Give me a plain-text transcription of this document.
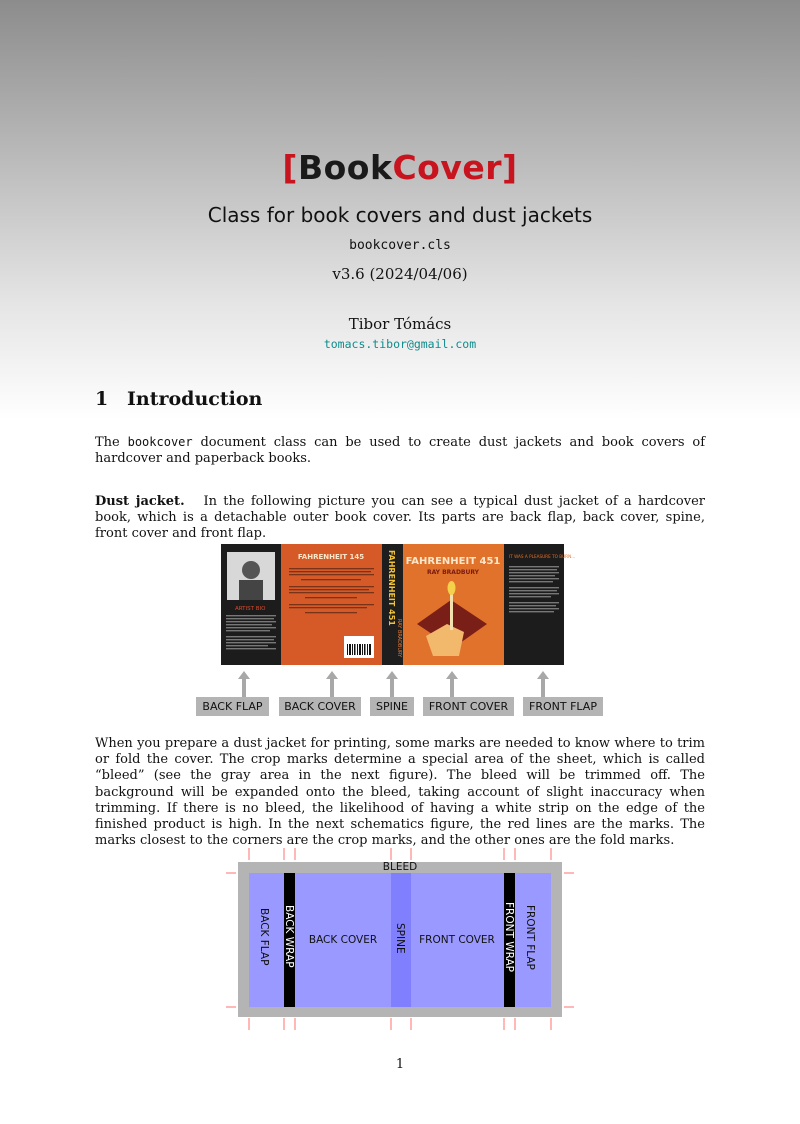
[BookCover]
Class for book covers and dust jackets
bookcover.cls
v3.6 (2024/04/06)
Tibor Tómács
tomacs.tibor@gmail.com
1 Introduction
The bookcover document class can be used to create dust jackets and book covers of hardcover and paperback books.
Dust jacket. In the following picture you can see a typical dust jacket of a hardcover book, which is a detachable outer book cover. Its parts are back flap, back cover, spine, front cover and front flap.
ARTIST BIO
FAHRENHEIT 145	FAHRENHEIT 451
RAY BRADBURY
FAHRENHEIT 451
RAY BRADBURY
IT WAS A PLEASURE TO BURN...
BACK FLAP	BACK COVER	SPINE	FRONT COVER	FRONT FLAP
When you prepare a dust jacket for printing, some marks are needed to know where to trim or fold the cover. The crop marks determine a special area of the sheet, which is called “bleed” (see the gray area in the next figure). The bleed will be trimmed off. The background will be expanded onto the bleed, taking account of slight inaccuracy when trimming. If there is no bleed, the likelihood of having a white strip on the edge of the finished product is high. In the next schematics figure, the red lines are the marks. The marks closest to the corners are the crop marks, and the other ones are the fold marks.
BLEED
BACK FLAP BACK WRAP BACK COVER SPINE FRONT COVER FRONT WRAP FRONT FLAP
1
